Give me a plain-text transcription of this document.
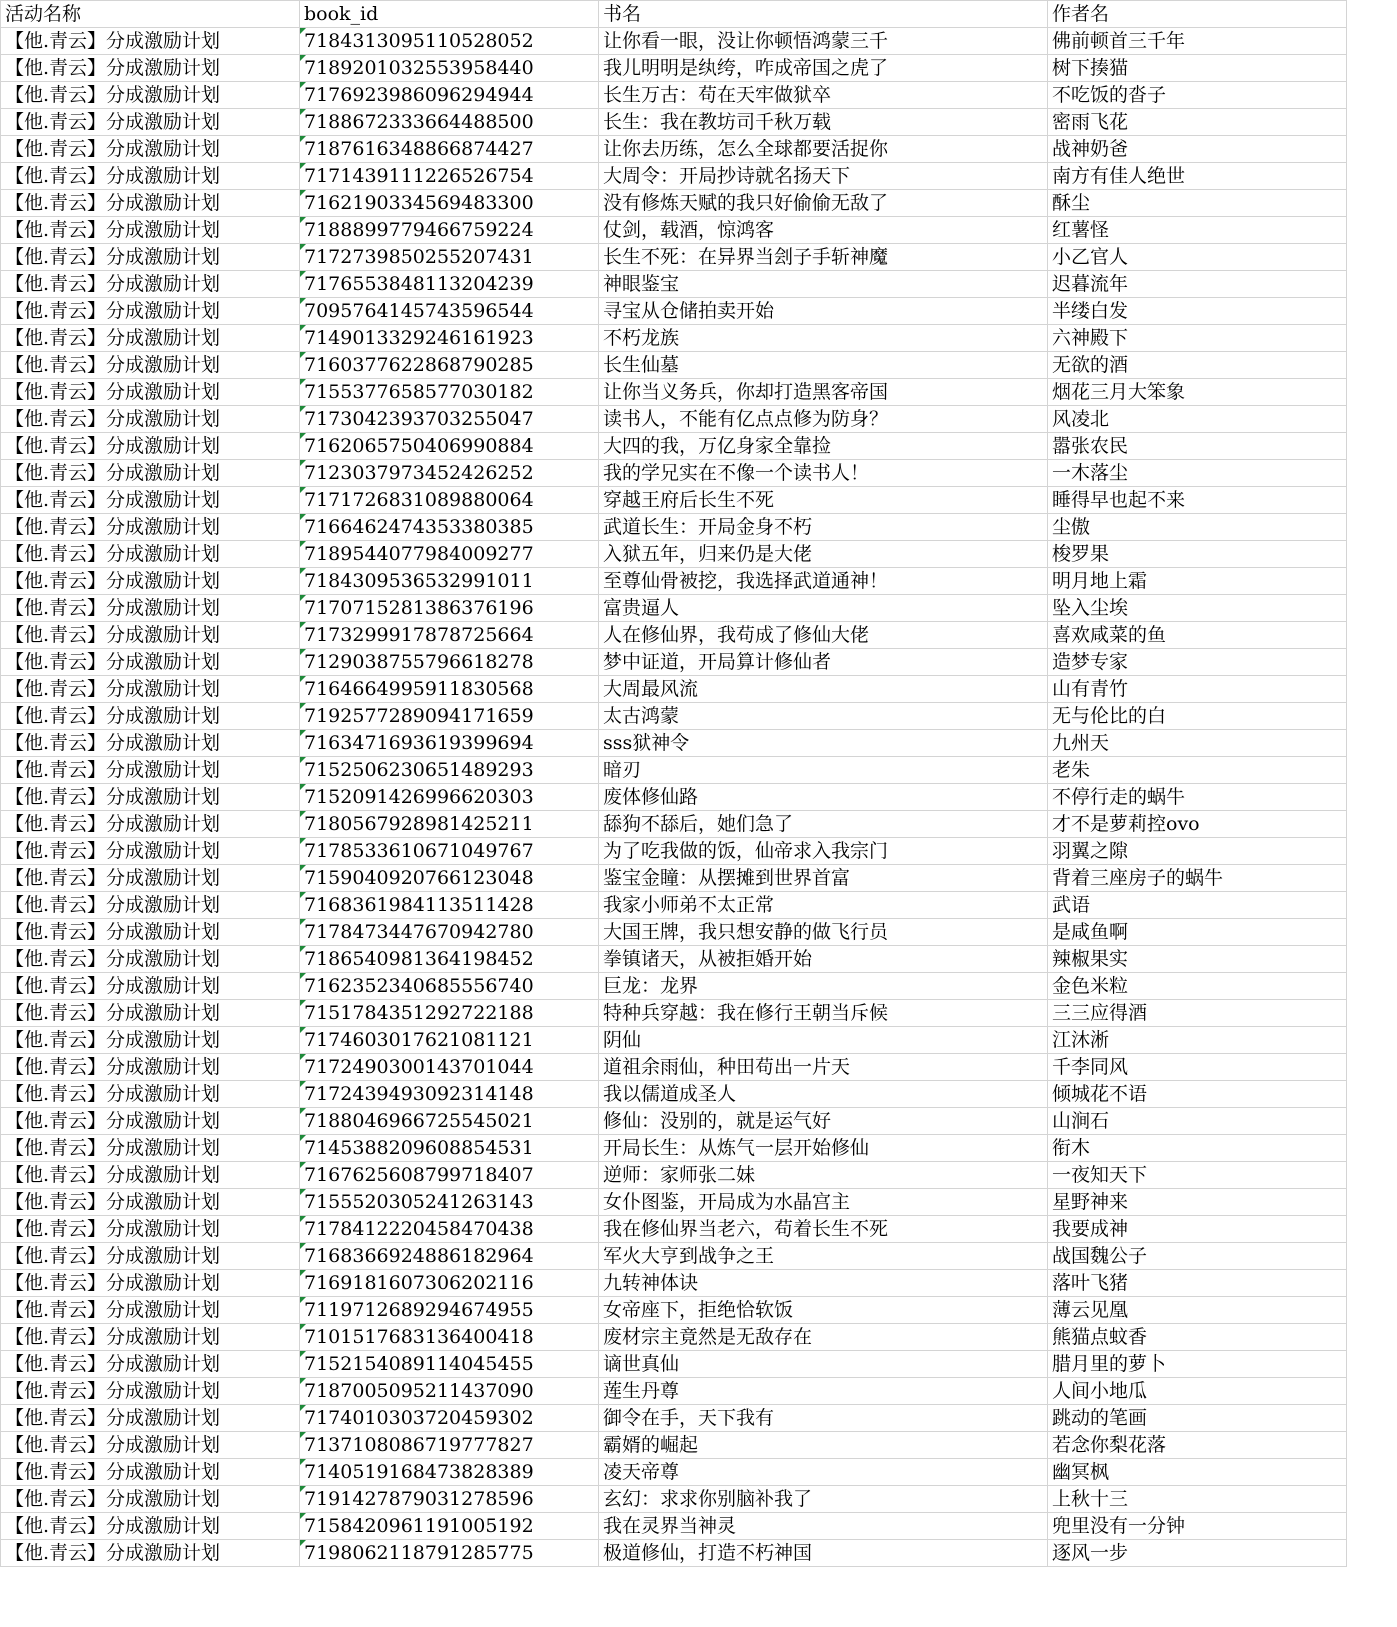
活动名称	book_id	书名	作者名
【他.青云】分成激励计划	7184313095110528052	让你看一眼，没让你顿悟鸿蒙三千	佛前顿首三千年
【他.青云】分成激励计划	7189201032553958440	我儿明明是纨绔，咋成帝国之虎了	树下揍猫
【他.青云】分成激励计划	7176923986096294944	长生万古：苟在天牢做狱卒	不吃饭的沓子
【他.青云】分成激励计划	7188672333664488500	长生：我在教坊司千秋万载	密雨飞花
【他.青云】分成激励计划	7187616348866874427	让你去历练，怎么全球都要活捉你	战神奶爸
【他.青云】分成激励计划	7171439111226526754	大周令：开局抄诗就名扬天下	南方有佳人绝世
【他.青云】分成激励计划	7162190334569483300	没有修炼天赋的我只好偷偷无敌了	酥尘
【他.青云】分成激励计划	7188899779466759224	仗剑，载酒，惊鸿客	红薯怪
【他.青云】分成激励计划	7172739850255207431	长生不死：在异界当刽子手斩神魔	小乙官人
【他.青云】分成激励计划	7176553848113204239	神眼鉴宝	迟暮流年
【他.青云】分成激励计划	7095764145743596544	寻宝从仓储拍卖开始	半缕白发
【他.青云】分成激励计划	7149013329246161923	不朽龙族	六神殿下
【他.青云】分成激励计划	7160377622868790285	长生仙墓	无欲的酒
【他.青云】分成激励计划	7155377658577030182	让你当义务兵，你却打造黑客帝国	烟花三月大笨象
【他.青云】分成激励计划	7173042393703255047	读书人，不能有亿点点修为防身？	风凌北
【他.青云】分成激励计划	7162065750406990884	大四的我，万亿身家全靠捡	嚣张农民
【他.青云】分成激励计划	7123037973452426252	我的学兄实在不像一个读书人！	一木落尘
【他.青云】分成激励计划	7171726831089880064	穿越王府后长生不死	睡得早也起不来
【他.青云】分成激励计划	7166462474353380385	武道长生：开局金身不朽	尘傲
【他.青云】分成激励计划	7189544077984009277	入狱五年，归来仍是大佬	梭罗果
【他.青云】分成激励计划	7184309536532991011	至尊仙骨被挖，我选择武道通神！	明月地上霜
【他.青云】分成激励计划	7170715281386376196	富贵逼人	坠入尘埃
【他.青云】分成激励计划	7173299917878725664	人在修仙界，我苟成了修仙大佬	喜欢咸菜的鱼
【他.青云】分成激励计划	7129038755796618278	梦中证道，开局算计修仙者	造梦专家
【他.青云】分成激励计划	7164664995911830568	大周最风流	山有青竹
【他.青云】分成激励计划	7192577289094171659	太古鸿蒙	无与伦比的白
【他.青云】分成激励计划	7163471693619399694	sss狱神令	九州天
【他.青云】分成激励计划	7152506230651489293	暗刃	老朱
【他.青云】分成激励计划	7152091426996620303	废体修仙路	不停行走的蜗牛
【他.青云】分成激励计划	7180567928981425211	舔狗不舔后，她们急了	才不是萝莉控ovo
【他.青云】分成激励计划	7178533610671049767	为了吃我做的饭，仙帝求入我宗门	羽翼之隙
【他.青云】分成激励计划	7159040920766123048	鉴宝金瞳：从摆摊到世界首富	背着三座房子的蜗牛
【他.青云】分成激励计划	7168361984113511428	我家小师弟不太正常	武语
【他.青云】分成激励计划	7178473447670942780	大国王牌，我只想安静的做飞行员	是咸鱼啊
【他.青云】分成激励计划	7186540981364198452	拳镇诸天，从被拒婚开始	辣椒果实
【他.青云】分成激励计划	7162352340685556740	巨龙：龙界	金色米粒
【他.青云】分成激励计划	7151784351292722188	特种兵穿越：我在修行王朝当斥候	三三应得酒
【他.青云】分成激励计划	7174603017621081121	阴仙	江沐淅
【他.青云】分成激励计划	7172490300143701044	道祖余雨仙，种田苟出一片天	千李同风
【他.青云】分成激励计划	7172439493092314148	我以儒道成圣人	倾城花不语
【他.青云】分成激励计划	7188046966725545021	修仙：没别的，就是运气好	山涧石
【他.青云】分成激励计划	7145388209608854531	开局长生：从炼气一层开始修仙	衔木
【他.青云】分成激励计划	7167625608799718407	逆师：家师张二妹	一夜知天下
【他.青云】分成激励计划	7155520305241263143	女仆图鉴，开局成为水晶宫主	星野神来
【他.青云】分成激励计划	7178412220458470438	我在修仙界当老六，苟着长生不死	我要成神
【他.青云】分成激励计划	7168366924886182964	军火大亨到战争之王	战国魏公子
【他.青云】分成激励计划	7169181607306202116	九转神体诀	落叶飞猪
【他.青云】分成激励计划	7119712689294674955	女帝座下，拒绝恰软饭	薄云见凰
【他.青云】分成激励计划	7101517683136400418	废材宗主竟然是无敌存在	熊猫点蚊香
【他.青云】分成激励计划	7152154089114045455	谪世真仙	腊月里的萝卜
【他.青云】分成激励计划	7187005095211437090	莲生丹尊	人间小地瓜
【他.青云】分成激励计划	7174010303720459302	御令在手，天下我有	跳动的笔画
【他.青云】分成激励计划	7137108086719777827	霸婿的崛起	若念你梨花落
【他.青云】分成激励计划	7140519168473828389	凌天帝尊	幽冥枫
【他.青云】分成激励计划	7191427879031278596	玄幻：求求你别脑补我了	上秋十三
【他.青云】分成激励计划	7158420961191005192	我在灵界当神灵	兜里没有一分钟
【他.青云】分成激励计划	7198062118791285775	极道修仙，打造不朽神国	逐风一步
